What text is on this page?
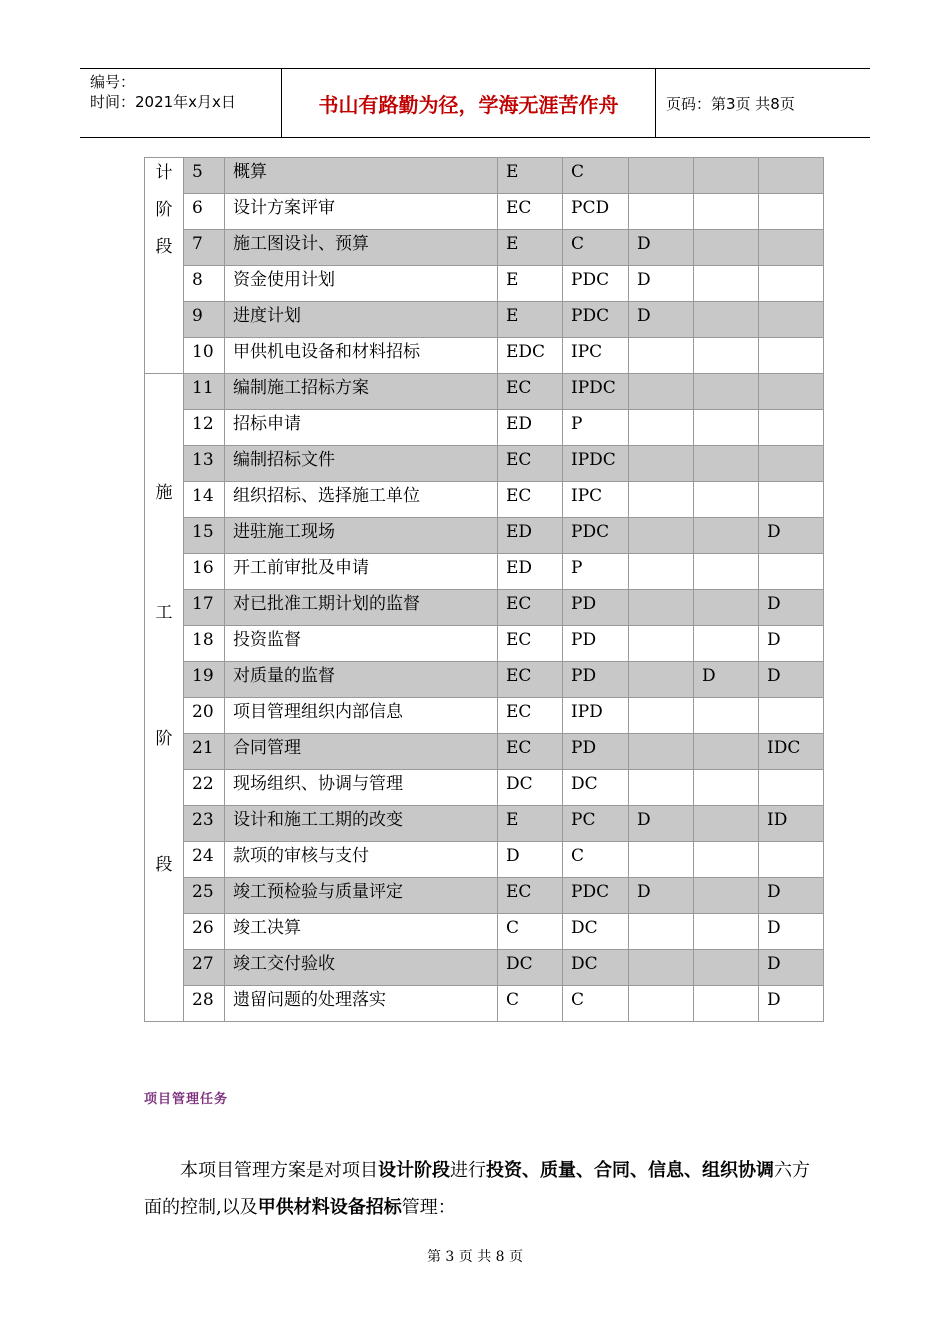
编号：
时间：2021年x月x日	书山有路勤为径，学海无涯苦作舟	页码：第3页 共8页
计
阶
段	5	概算	E	C			
	6	设计方案评审	EC	PCD			
	7	施工图设计、预算	E	C	D		
	8	资金使用计划	E	PDC	D		
	9	进度计划	E	PDC	D		
	10	甲供机电设备和材料招标	EDC	IPC			

施
工
阶
段	11	编制施工招标方案	EC	IPDC			
	12	招标申请	ED	P			
	13	编制招标文件	EC	IPDC			
	14	组织招标、选择施工单位	EC	IPC			
	15	进驻施工现场	ED	PDC			D
	16	开工前审批及申请	ED	P			
	17	对已批准工期计划的监督	EC	PD			D
	18	投资监督	EC	PD			D
	19	对质量的监督	EC	PD		D	D
	20	项目管理组织内部信息	EC	IPD			
	21	合同管理	EC	PD			IDC
	22	现场组织、协调与管理	DC	DC			
	23	设计和施工工期的改变	E	PC	D		ID
	24	款项的审核与支付	D	C			
	25	竣工预检验与质量评定	EC	PDC	D		D
	26	竣工决算	C	DC			D
	27	竣工交付验收	DC	DC			D
	28	遗留问题的处理落实	C	C			D
项目管理任务
本项目管理方案是对项目设计阶段进行投资、质量、合同、信息、组织协调六方面的控制,以及甲供材料设备招标管理：
第 3 页 共 8 页
